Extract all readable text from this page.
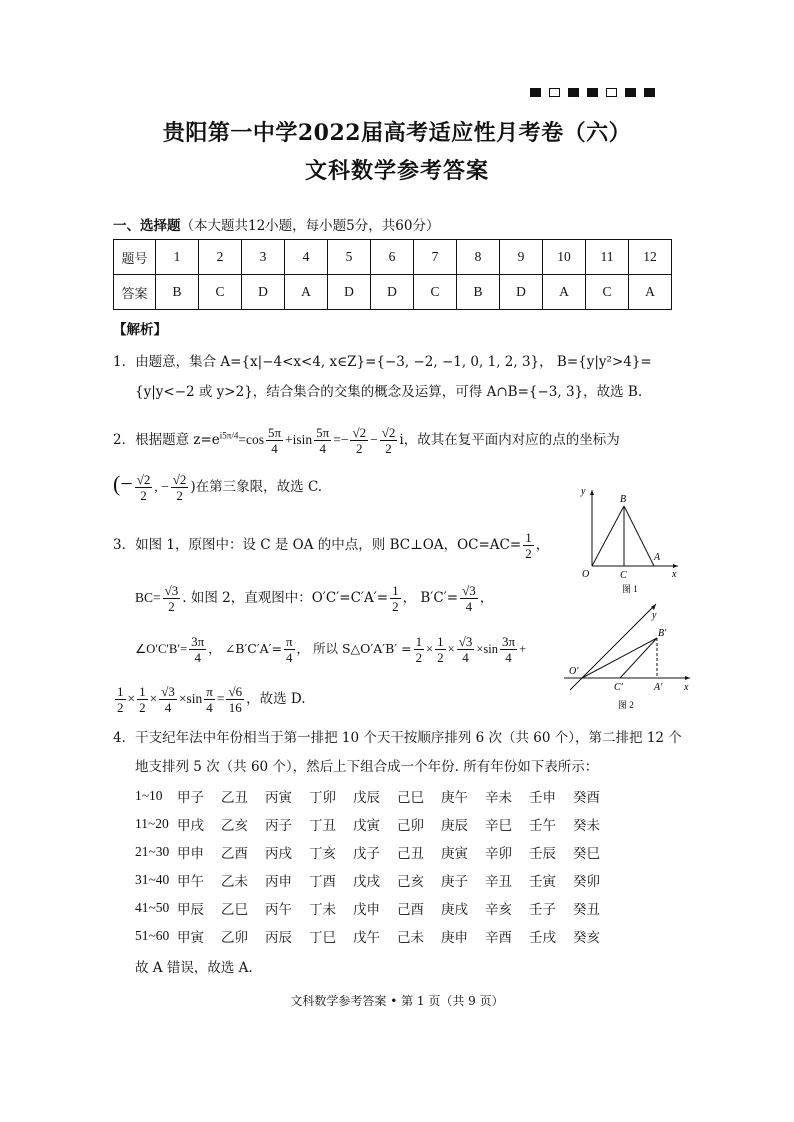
贵阳第一中学2022届高考适应性月考卷（六）
文科数学参考答案
一、选择题（本大题共12小题，每小题5分，共60分）
题号	1	2	3	4	5	6	7	8	9	10	11	12
答案	B	C	D	A	D	D	C	B	D	A	C	A
【解析】
1．由题意，集合 A={x|−4<x<4, x∈Z}={−3, −2, −1, 0, 1, 2, 3}， B={y|y²>4}=
{y|y<−2 或 y>2}，结合集合的交集的概念及运算，可得 A∩B={−3, 3}，故选 B.
2．根据题意 $z=e^{i5\pi/4}=\cos \frac{5\pi}{4} +isin \frac{5\pi}{4} =- \frac{√2}{2} - \frac{√2}{2}$ i，故其在复平面内对应的点的坐标为
(− $\frac{√2}{2}$ , − $\frac{√2}{2}$ )在第三象限，故选 C.
3．如图 1，原图中：设 C 是 OA 的中点，则 BC⊥OA，$OC=AC= \frac{1}{2}$ ，
$BC= \frac{√3}{2}$ . 如图 2，直观图中：$O'C'=C'A'= \frac{1}{2}$ ， $B'C'= \frac{√3}{4}$ ，
∠O′C′B′= $\frac{3\pi}{4}$ ， ∠B′C′A′= $\frac{\pi}{4}$ ， 所以 S△O′A′B′ = $\frac{1}{2} \times \frac{1}{2} \times \frac{√3}{4} \times\sin \frac{3\pi}{4}$ +
$\frac{1}{2} \times \frac{1}{2} \times \frac{√3}{4} \times\sin \frac{\pi}{4} = \frac{√6}{16}$ ，故选 D.
y
x
O
B
C
A
图 1
y
x
O′
B′
C′	A′
图 2
4．干支纪年法中年份相当于第一排把 10 个天干按顺序排列 6 次（共 60 个），第二排把 12 个
地支排列 5 次（共 60 个），然后上下组合成一个年份. 所有年份如下表所示：
1~10	甲子	乙丑	丙寅	丁卯	戊辰	己巳	庚午	辛未	壬申	癸酉
11~20 甲戌	乙亥	丙子	丁丑	戊寅	己卯	庚辰	辛巳	壬午	癸未
21~30 甲申	乙酉	丙戌	丁亥	戊子	己丑	庚寅	辛卯	壬辰	癸巳
31~40 甲午	乙未	丙申	丁酉	戊戌	己亥	庚子	辛丑	壬寅	癸卯
41~50 甲辰	乙巳	丙午	丁未	戊申	己酉	庚戌	辛亥	壬子	癸丑
51~60 甲寅	乙卯	丙辰	丁巳	戊午	己未	庚申	辛酉	壬戌	癸亥
故 A 错误，故选 A.
文科数学参考答案 • 第 1 页（共 9 页）
